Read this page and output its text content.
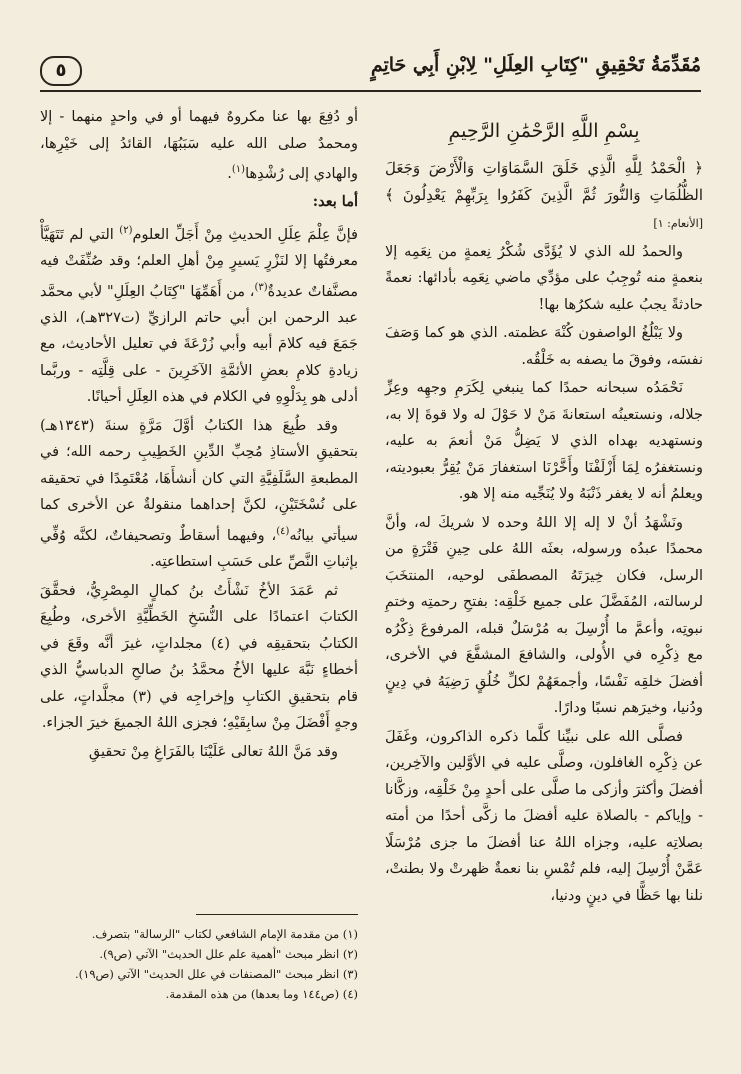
٥	مُقَدِّمَةُ تَحْقِيقِ "كِتَابِ العِلَلِ" لِابْنِ أَبِي حَاتِمٍ
بِسْمِ اللَّهِ الرَّحْمَٰنِ الرَّحِيمِ

﴿ الْحَمْدُ لِلَّهِ الَّذِي خَلَقَ السَّمَاوَاتِ وَالْأَرْضَ وَجَعَلَ الظُّلُمَاتِ وَالنُّورَ ثُمَّ الَّذِينَ كَفَرُوا بِرَبِّهِمْ يَعْدِلُونَ ﴾ [الأنعام: ١]

والحمدُ لله الذي لا يُؤَدَّى شُكْرُ نِعمةٍ من نِعَمِه إلا بنعمةٍ منه تُوجِبُ على مؤدِّي ماضي نِعَمِه بأدائها: نعمةً حادثةً يجبُ عليه شكرُها بها!

ولا يَبْلُغُ الواصفون كُنْهَ عظمته. الذي هو كما وَصَفَ نفسَه، وفوقَ ما يصفه به خَلْقُه.

نَحْمَدُه سبحانه حمدًا كما ينبغي لِكَرَمِ وجهِه وعِزِّ جلاله، ونستعينُه استعانةَ مَنْ لا حَوْلَ له ولا قوةَ إلا به، ونستهديه بهداه الذي لا يَضِلُّ مَنْ أنعمَ به عليه، ونستغفرُه لِمَا أَزْلَفْنَا وأَخَّرْنَا استغفارَ مَنْ يُقِرُّ بعبوديته، ويعلمُ أنه لا يغفر ذَنْبَهُ ولا يُنَجِّيه منه إلا هو.

ونَشْهَدُ أنْ لا إله إلا اللهُ وحده لا شريكَ له، وأنَّ محمدًا عبدُه ورسوله، بعثَه اللهُ على حِينِ فَتْرَةٍ من الرسل، فكان خِيرَتَهُ المصطفَى لوحيه، المنتخَبَ لرسالته، المُفَضَّلَ على جميع خَلْقِه: بفتحِ رحمتِه وختمِ نبوتِه، وأعمَّ ما أُرْسِلَ به مُرْسَلٌ قبله، المرفوعَ ذِكْرُه مع ذِكْرِه في الأُولى، والشافعَ المشفَّعَ في الأخرى، أفضلَ خلقِه نَفْسًا، وأجمعَهُمْ لكلِّ خُلُقٍ رَضِيَهُ في دِينٍ ودُنيا، وخيرَهم نسبًا ودارًا.

فصلَّى الله على نبيِّنا كلَّما ذكره الذاكرون، وغَفَلَ عن ذِكْرِه الغافلون، وصلَّى عليه في الأوَّلين والآخِرين، أفضلَ وأكثرَ وأزكى ما صلَّى على أحدٍ مِنْ خَلْقِه، وزكَّانا - وإياكم - بالصلاة عليه أفضلَ ما زكَّى أحدًا من أمته بصلاتِه عليه، وجزاه اللهُ عنا أفضلَ ما جزى مُرْسَلًا عَمَّنْ أُرْسِلَ إليه، فلم تُمْسِ بنا نعمةٌ ظهرتْ ولا بطنتْ، نلنا بها حَظًّا في دينٍ ودنيا،

أو دُفِعَ بها عنا مكروهٌ فيهما أو في واحدٍ منهما - إلا ومحمدٌ صلى الله عليه سَبَبُهَا، القائدُ إلى خَيْرِها، والهادي إلى رُشْدِها$^{(١)}$.

أما بعد:

فإنَّ عِلْمَ عِلَلِ الحديثِ مِنْ أَجَلِّ العلوم$^{(٢)}$ التي لم تَتَهَيَّأْ معرفتُها إلا لنَزْرٍ يَسيرٍ مِنْ أهلِ العلم؛ وقد صُنِّفَتْ فيه مصنَّفاتٌ عديدةٌ$^{(٣)}$، من أَهَمِّهَا "كِتَابُ العِلَلِ" لأبي محمَّد عبد الرحمن ابن أبي حاتم الرازيِّ (ت٣٢٧هـ)، الذي جَمَعَ فيه كلامَ أبيه وأبي زُرْعَةَ في تعليل الأحاديث، مع زيادةِ كلامِ بعضِ الأئمَّةِ الآخَرِينَ - على قِلَّتِه - وربَّما أدلى هو بِدَلْوِهِ في الكلام في هذه العِلَلِ أحيانًا.

وقد طُبِعَ هذا الكتابُ أوَّلَ مَرَّةٍ سنةَ (١٣٤٣هـ) بتحقيقِ الأستاذِ مُحِبِّ الدِّينِ الخَطِيبِ رحمه الله؛ في المطبعةِ السَّلَفِيَّةِ التي كان أنشأَهَا، مُعْتَمِدًا في تحقيقه على نُسْخَتَيْنِ، لكنَّ إحداهما منقولةٌ عن الأخرى كما سيأتي بيانُه$^{(٤)}$، وفيهما أسقاطٌ وتصحيفاتٌ، لكنَّه وُفِّي بإثباتِ النَّصِّ على حَسَبِ استطاعتِه.

ثم عَمَدَ الأخُ نَشْأَتُ بنُ كمالٍ المِصْرِيُّ، فحقَّقَ الكتابَ اعتمادًا على النُّسَخِ الخَطِّيَّةِ الأخرى، وطُبِعَ الكتابُ بتحقيقِه في (٤) مجلداتٍ، غيرَ أنَّه وقَعَ في أخطاءٍ نَبَّهَ عليها الأخُ محمَّدُ بنُ صالحِ الدباسيُّ الذي قام بتحقيقِ الكتابِ وإخراجِه في (٣) مجلَّداتٍ، على وجهٍ أَفْضَلَ مِنْ سابِقَيْهِ؛ فجزى اللهُ الجميعَ خيرَ الجزاء.

وقد مَنَّ اللهُ تعالى عَلَيْنَا بالفَرَاغِ مِنْ تحقيقِ

(١) من مقدمة الإمام الشافعي لكتاب "الرسالة" بتصرف.
(٢) انظر مبحث "أهمية علم علل الحديث" الآتي (ص٩).
(٣) انظر مبحث "المصنفات في علل الحديث" الآتي (ص١٩).
(٤) (ص١٤٤ وما بعدها) من هذه المقدمة.
